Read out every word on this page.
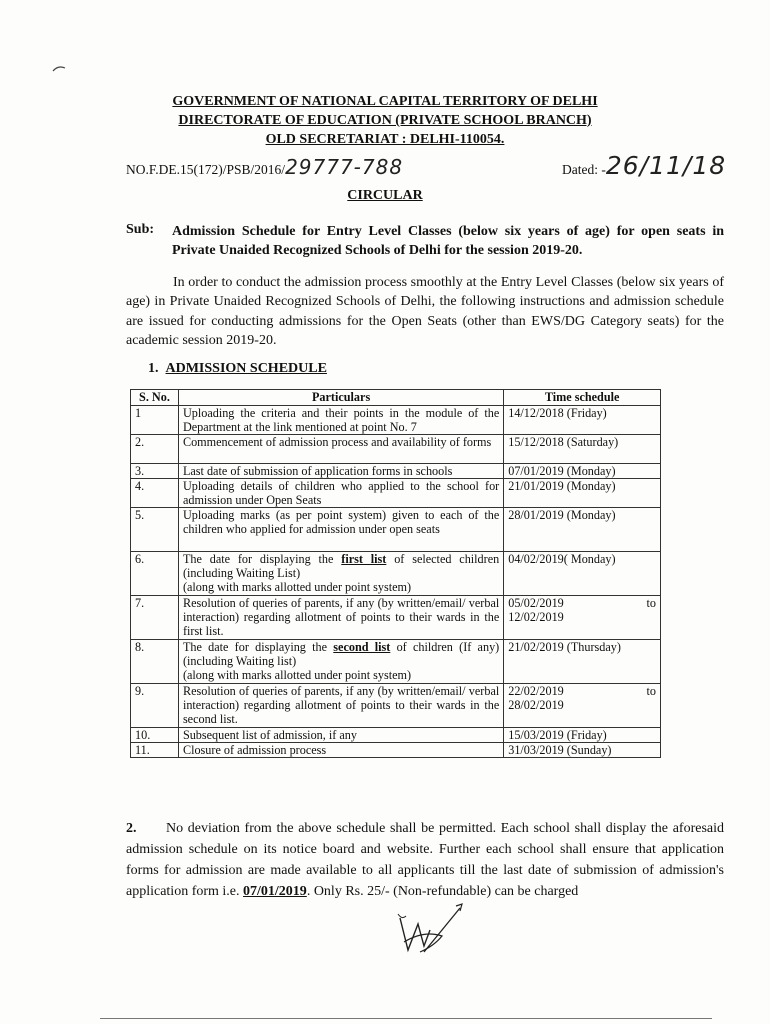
GOVERNMENT OF NATIONAL CAPITAL TERRITORY OF DELHI
DIRECTORATE OF EDUCATION (PRIVATE SCHOOL BRANCH)
OLD SECRETARIAT : DELHI-110054.
NO.F.DE.15(172)/PSB/2016/29777-788	Dated: -26/11/18
CIRCULAR
Sub: Admission Schedule for Entry Level Classes (below six years of age) for open seats in Private Unaided Recognized Schools of Delhi for the session 2019-20.
In order to conduct the admission process smoothly at the Entry Level Classes (below six years of age) in Private Unaided Recognized Schools of Delhi, the following instructions and admission schedule are issued for conducting admissions for the Open Seats (other than EWS/DG Category seats) for the academic session 2019-20.
1. ADMISSION SCHEDULE
S. No.	Particulars	Time schedule
1	Uploading the criteria and their points in the module of the Department at the link mentioned at point No. 7	14/12/2018 (Friday)
2.	Commencement of admission process and availability of forms	15/12/2018 (Saturday)
3.	Last date of submission of application forms in schools	07/01/2019 (Monday)
4.	Uploading details of children who applied to the school for admission under Open Seats	21/01/2019 (Monday)
5.	Uploading marks (as per point system) given to each of the children who applied for admission under open seats	28/01/2019 (Monday)
6.	The date for displaying the first list of selected children (including Waiting List)
(along with marks allotted under point system)	04/02/2019( Monday)
7.	Resolution of queries of parents, if any (by written/email/ verbal interaction) regarding allotment of points to their wards in the first list.	05/02/2019 to
12/02/2019
8.	The date for displaying the second list of children (If any) (including Waiting list)
(along with marks allotted under point system)	21/02/2019 (Thursday)
9.	Resolution of queries of parents, if any (by written/email/ verbal interaction) regarding allotment of points to their wards in the second list.	22/02/2019 to
28/02/2019
10.	Subsequent list of admission, if any	15/03/2019 (Friday)
11.	Closure of admission process	31/03/2019 (Sunday)
2. No deviation from the above schedule shall be permitted. Each school shall display the aforesaid admission schedule on its notice board and website. Further each school shall ensure that application forms for admission are made available to all applicants till the last date of submission of admission's application form i.e. 07/01/2019. Only Rs. 25/- (Non-refundable) can be charged
